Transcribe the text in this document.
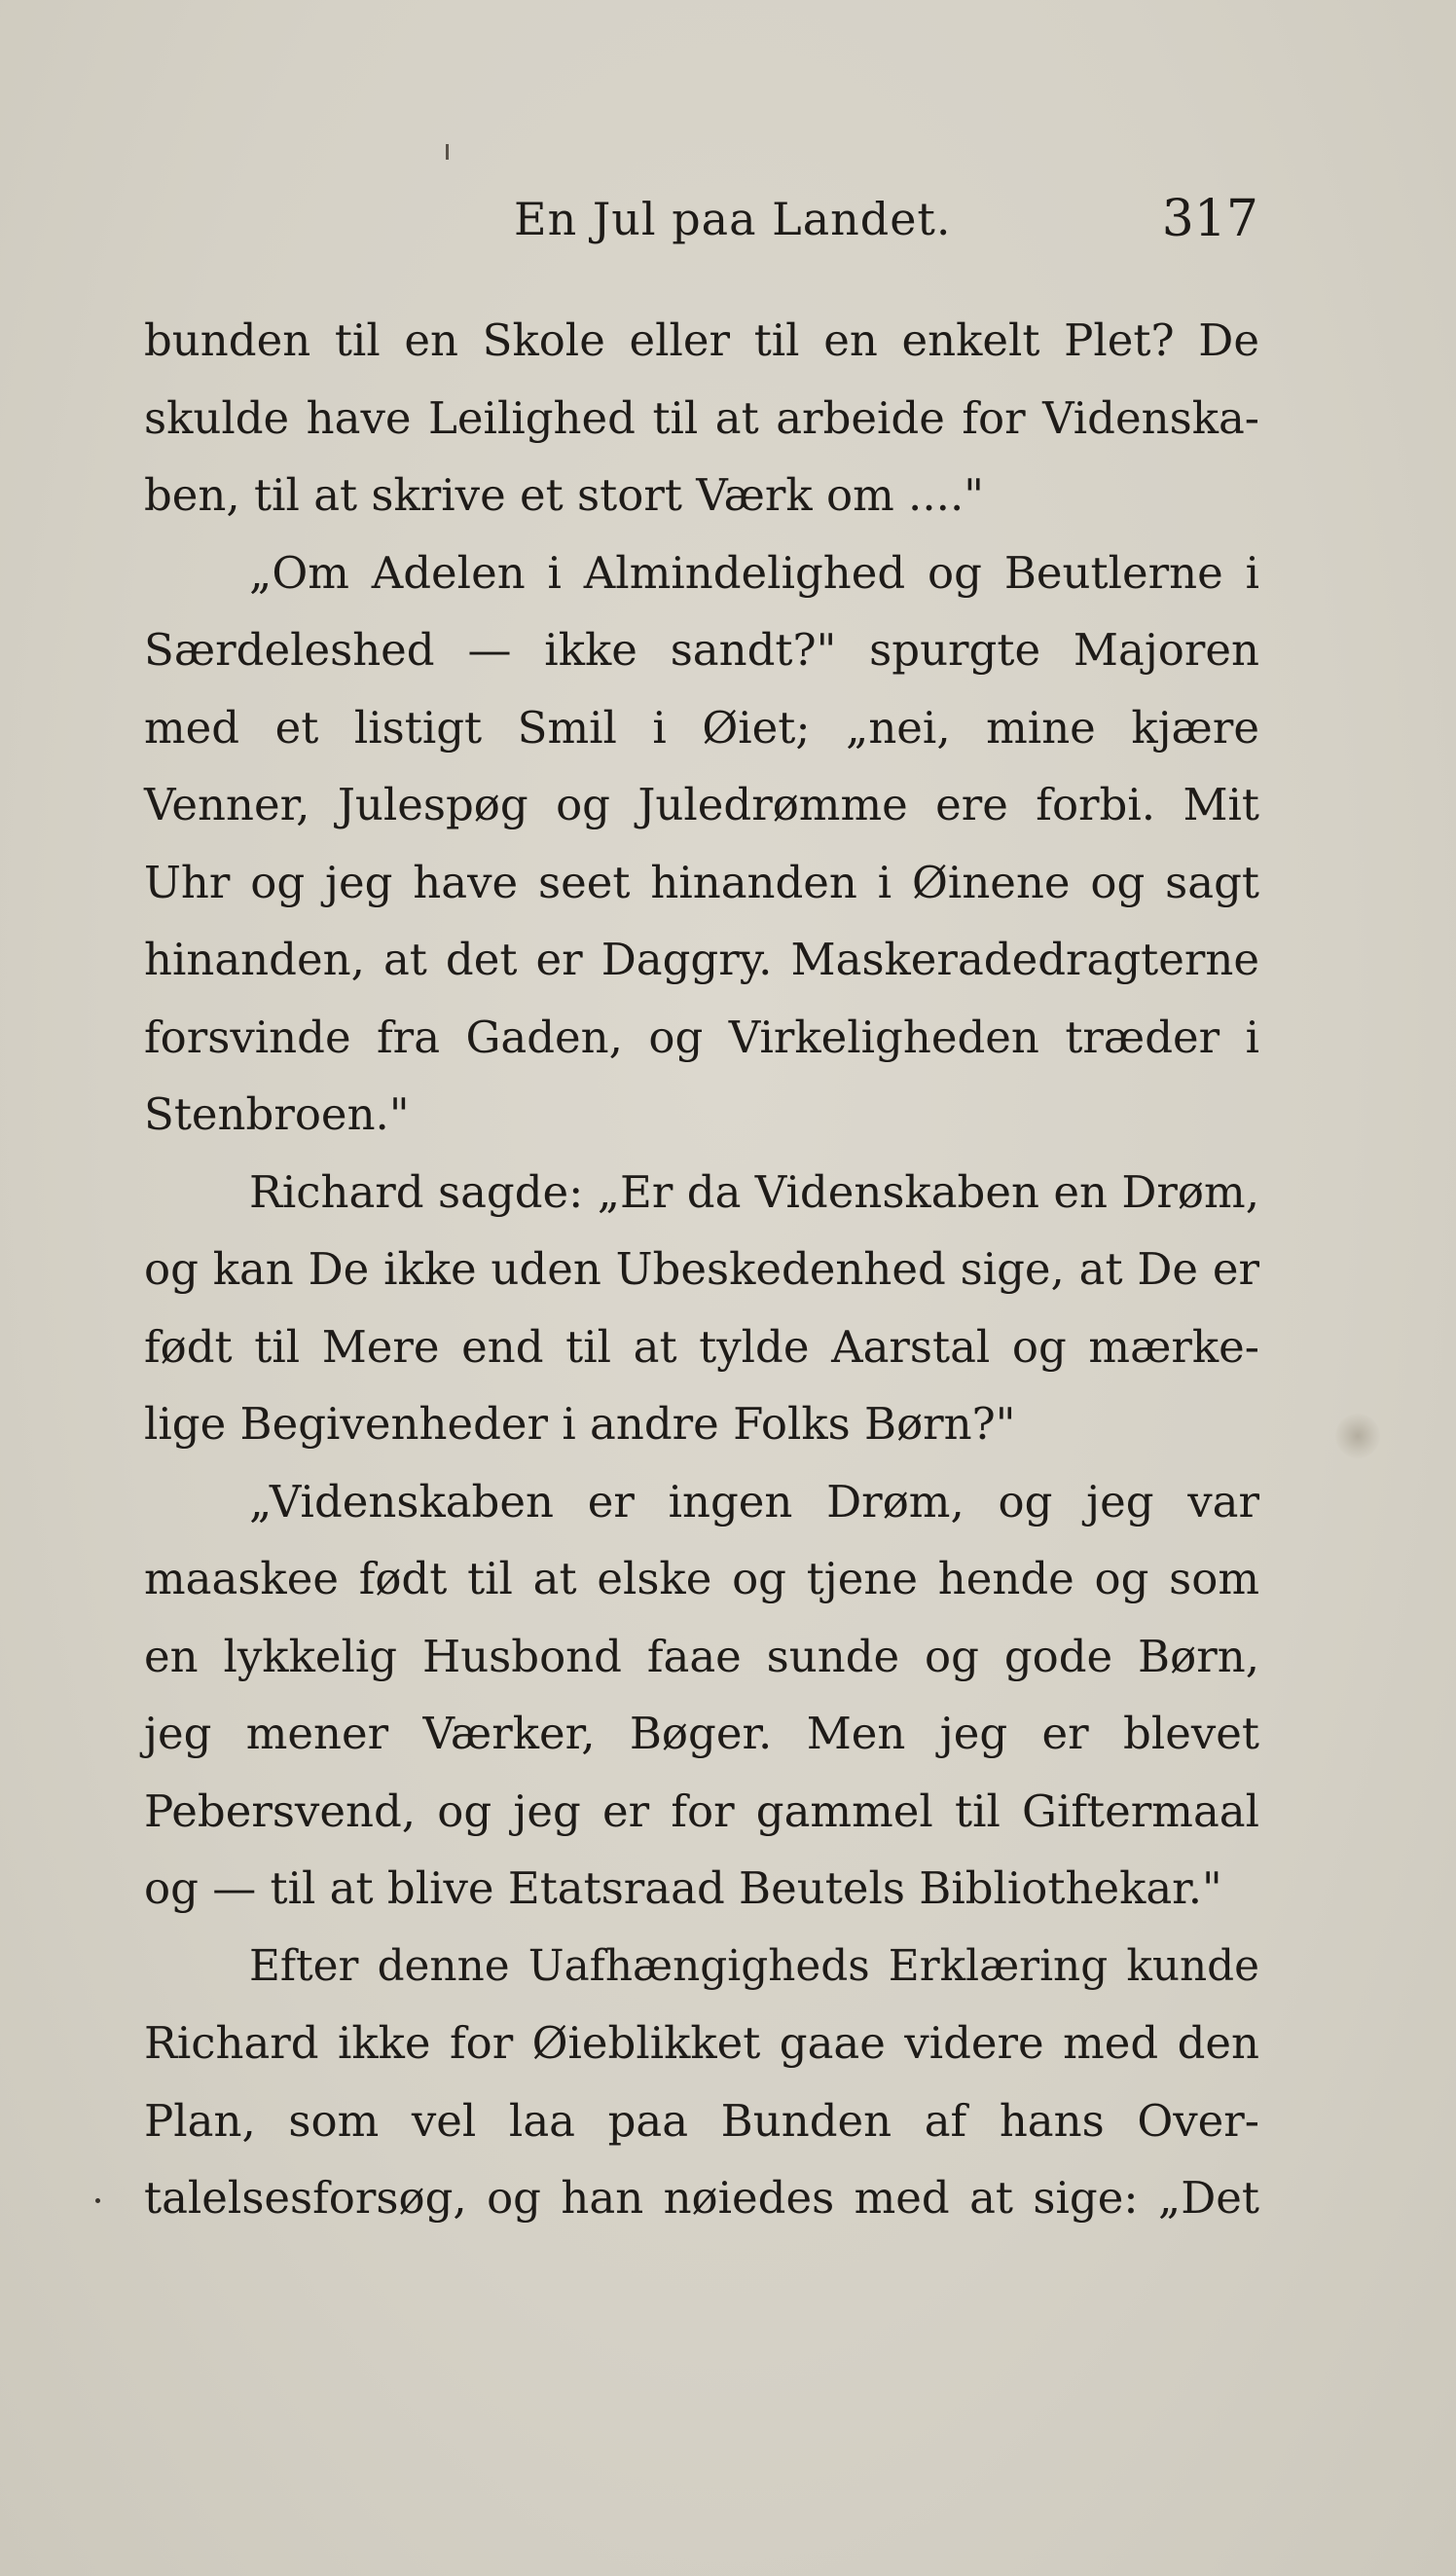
En Jul paa Landet.	317
bunden til en Skole eller til en enkelt Plet? De
skulde have Leilighed til at arbeide for Videnska-
ben, til at skrive et stort Værk om ...."
„Om Adelen i Almindelighed og Beutlerne i
Særdeleshed — ikke sandt?" spurgte Majoren
med et listigt Smil i Øiet; „nei, mine kjære
Venner, Julespøg og Juledrømme ere forbi. Mit
Uhr og jeg have seet hinanden i Øinene og sagt
hinanden, at det er Daggry. Maskeradedragterne
forsvinde fra Gaden, og Virkeligheden træder i
Stenbroen."
Richard sagde: „Er da Videnskaben en Drøm,
og kan De ikke uden Ubeskedenhed sige, at De er
født til Mere end til at tylde Aarstal og mærke-
lige Begivenheder i andre Folks Børn?"
„Videnskaben er ingen Drøm, og jeg var
maaskee født til at elske og tjene hende og som
en lykkelig Husbond faae sunde og gode Børn,
jeg mener Værker, Bøger. Men jeg er blevet
Pebersvend, og jeg er for gammel til Giftermaal
og — til at blive Etatsraad Beutels Bibliothekar."
Efter denne Uafhængigheds Erklæring kunde
Richard ikke for Øieblikket gaae videre med den
Plan, som vel laa paa Bunden af hans Over-
talelsesforsøg, og han nøiedes med at sige: „Det
